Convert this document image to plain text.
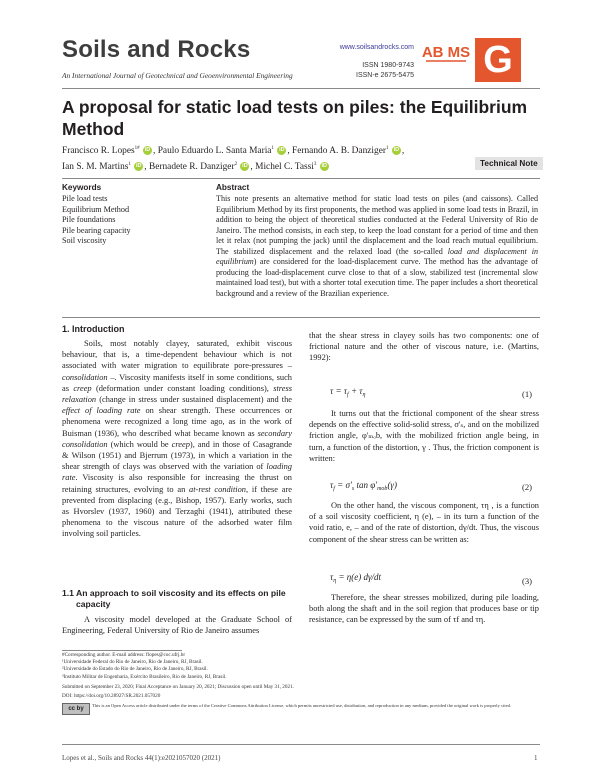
Soils and Rocks
An International Journal of Geotechnical and Geoenvironmental Engineering
www.soilsandrocks.com
ISSN 1980-9743
ISSN-e 2675-5475
AB MS G
A proposal for static load tests on piles: the Equilibrium
Method
Francisco R. Lopes$^{1\#}$ iD , Paulo Eduardo L. Santa Maria$^1$ iD , Fernando A. B. Danziger$^1$ iD ,
Ian S. M. Martins$^1$ iD , Bernadete R. Danziger$^2$ iD , Michel C. Tassi$^3$ iD	Technical Note
Keywords
Pile load tests
Equilibrium Method
Pile foundations
Pile bearing capacity
Soil viscosity
Abstract
This note presents an alternative method for static load tests on piles (and caissons). Called Equilibrium Method by its first proponents, the method was applied in some load tests in Brazil, in addition to being the object of theoretical studies conducted at the Federal University of Rio de Janeiro. The method consists, in each step, to keep the load constant for a period of time and then let it relax (not pumping the jack) until the displacement and the load reach mutual equilibrium. The stabilized displacement and the relaxed load (the so-called load and displacement in equilibrium) are considered for the load-displacement curve. The method has the advantage of producing the load-displacement curve close to that of a slow, stabilized test (incremental slow maintained load test), but with a shorter total execution time. The paper includes a short theoretical background and a review of the Brazilian experience.
1. Introduction

Soils, most notably clayey, saturated, exhibit viscous behaviour, that is, a time-dependent behaviour which is not associated with water migration to equilibrate pore-pressures – consolidation –. Viscosity manifests itself in some conditions, such as creep (deformation under constant loading conditions), stress relaxation (change in stress under sustained displacement) and the effect of loading rate on shear strength. These occurrences or phenomena were recognized a long time ago, as in the work of Buisman (1936), who described what became known as secondary consolidation (which would be creep), and in those of Casagrande & Wilson (1951) and Bjerrum (1973), in which a variation in the shear strength of clays was observed with the variation of loading rate. Viscosity is also responsible for increasing the thrust on retaining structures, evolving to an at-rest condition, if these are prevented from displacing (e.g., Bishop, 1957). Early works, such as Hvorslev (1937, 1960) and Terzaghi (1941), attributed these phenomena to the viscous nature of the adsorbed water film involving soil particles.

1.1 An approach to soil viscosity and its effects on pile
capacity

A viscosity model developed at the Graduate School of Engineering, Federal University of Rio de Janeiro assumes

that the shear stress in clayey soils has two components: one of frictional nature and the other of viscous nature, i.e. (Martins, 1992):

$\tau = \tau_f + \tau_\eta$	(1)

It turns out that the frictional component of the shear stress depends on the effective solid-solid stress, σ'ₛ, and on the mobilized friction angle, φ'ₘₒb, with the mobilized friction angle being, in turn, a function of the distortion, γ . Thus, the friction component is written:

$\tau_f = \sigma'_s$ $\tan \varphi'_{mob}(\gamma)$	(2)

On the other hand, the viscous component, τη , is a function of a soil viscosity coefficient, η (e), – in its turn a function of the void ratio, e, – and of the rate of distortion, dγ/dt. Thus, the viscous component of the shear stress can be written as:

$\tau_\eta = \eta(e)$ dγ/dt	(3)

Therefore, the shear stresses mobilized, during pile loading, both along the shaft and in the soil region that produces base or tip resistance, can be expressed by the sum of τf and τη.

#Corresponding author. E-mail address: flopes@coc.ufrj.br
¹Universidade Federal do Rio de Janeiro, Rio de Janeiro, RJ, Brasil.
²Universidade do Estado do Rio de Janeiro, Rio de Janeiro, RJ, Brasil.
³Instituto Militar de Engenharia, Exército Brasileiro, Rio de Janeiro, RJ, Brasil.
Submitted on September 23, 2020; Final Acceptance on January 20, 2021; Discussion open until May 31, 2021.
DOI: https://doi.org/10.28927/SR.2021.057020
cc by
This is an Open Access article distributed under the terms of the Creative Commons Attribution License, which permits unrestricted use, distribution, and reproduction in any medium, provided the original work is properly cited.
Lopes et al., Soils and Rocks 44(1):e2021057020 (2021)	1
